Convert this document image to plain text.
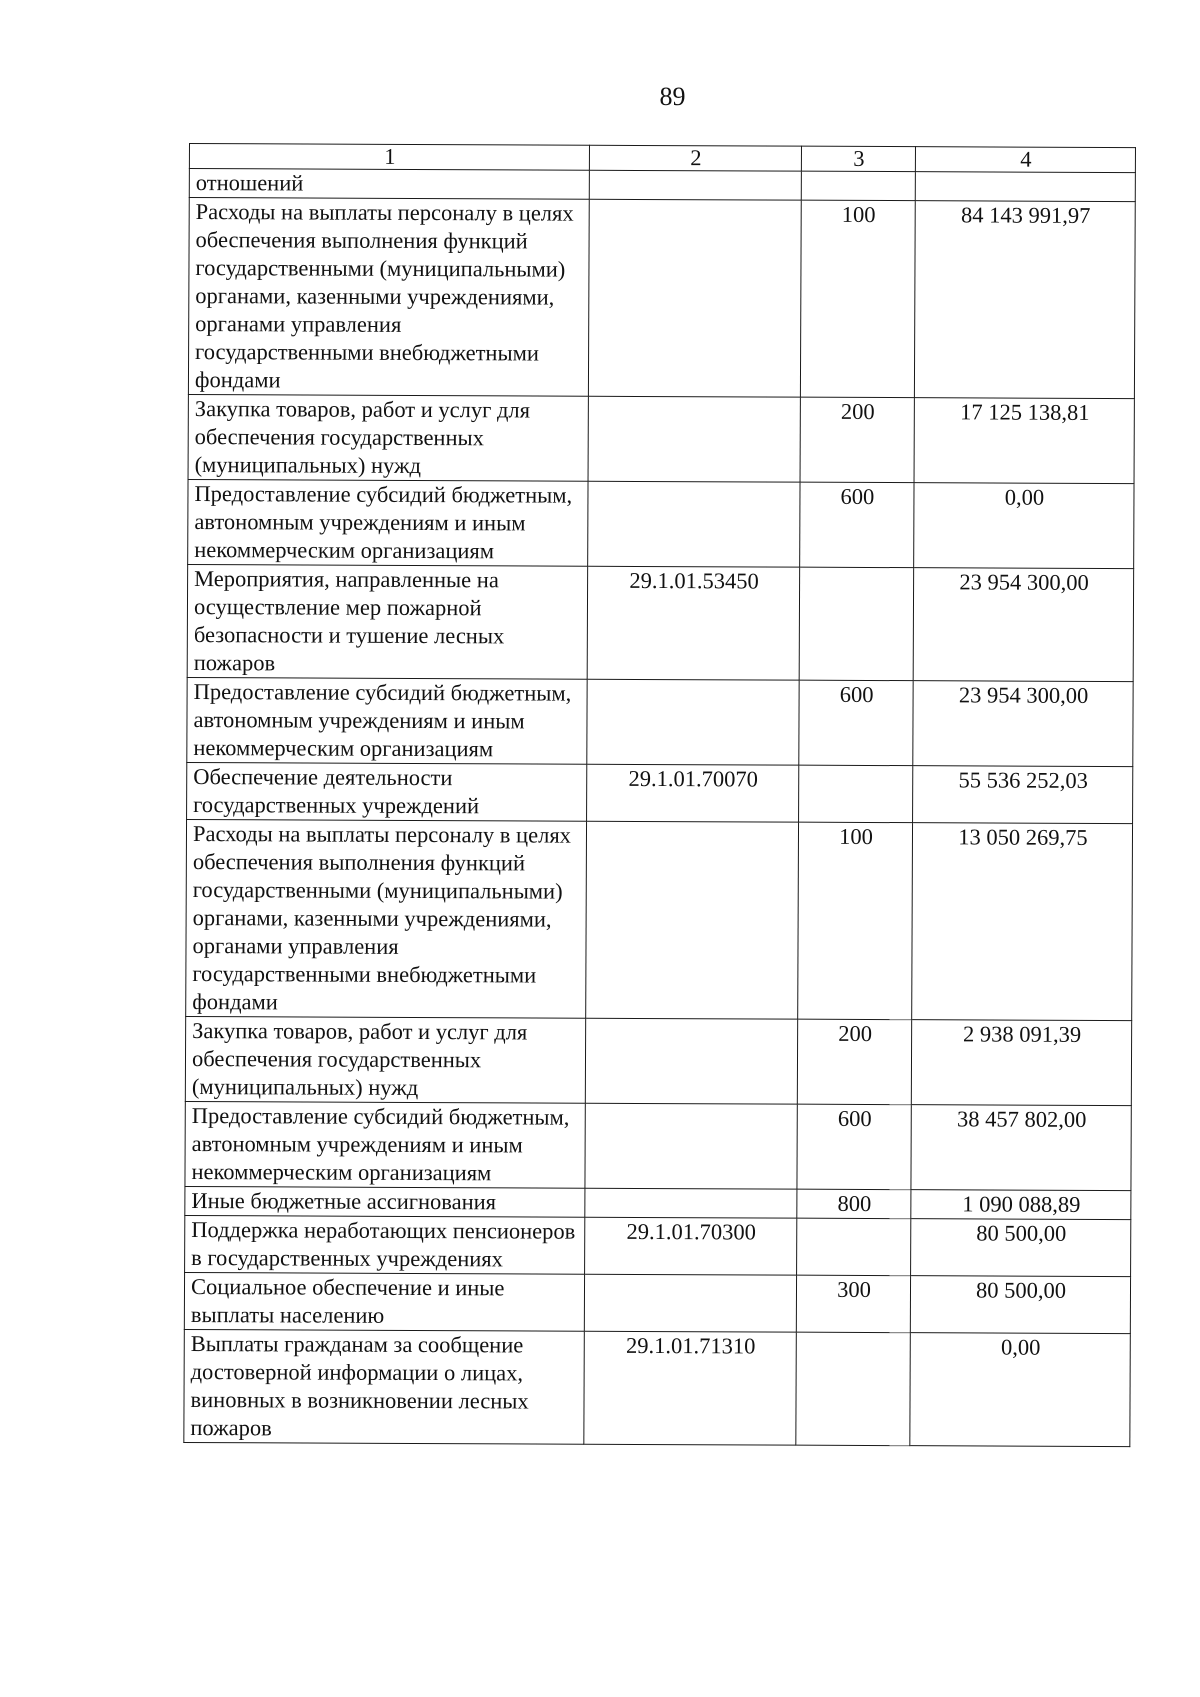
89
1	2	3	4
отношений			
Расходы на выплаты персоналу в целях обеспечения выполнения функций государственными (муниципальными) органами, казенными учреждениями, органами управления государственными внебюджетными фондами		100	84 143 991,97
Закупка товаров, работ и услуг для обеспечения государственных (муниципальных) нужд		200	17 125 138,81
Предоставление субсидий бюджетным, автономным учреждениям и иным некоммерческим организациям		600	0,00
Мероприятия, направленные на осуществление мер пожарной безопасности и тушение лесных пожаров	29.1.01.53450		23 954 300,00
Предоставление субсидий бюджетным, автономным учреждениям и иным некоммерческим организациям		600	23 954 300,00
Обеспечение деятельности государственных учреждений	29.1.01.70070		55 536 252,03
Расходы на выплаты персоналу в целях обеспечения выполнения функций государственными (муниципальными) органами, казенными учреждениями, органами управления государственными внебюджетными фондами		100	13 050 269,75
Закупка товаров, работ и услуг для обеспечения государственных (муниципальных) нужд		200	2 938 091,39
Предоставление субсидий бюджетным, автономным учреждениям и иным некоммерческим организациям		600	38 457 802,00
Иные бюджетные ассигнования		800	1 090 088,89
Поддержка неработающих пенсионеров в государственных учреждениях	29.1.01.70300		80 500,00
Социальное обеспечение и иные выплаты населению		300	80 500,00
Выплаты гражданам за сообщение достоверной информации о лицах, виновных в возникновении лесных пожаров	29.1.01.71310		0,00
